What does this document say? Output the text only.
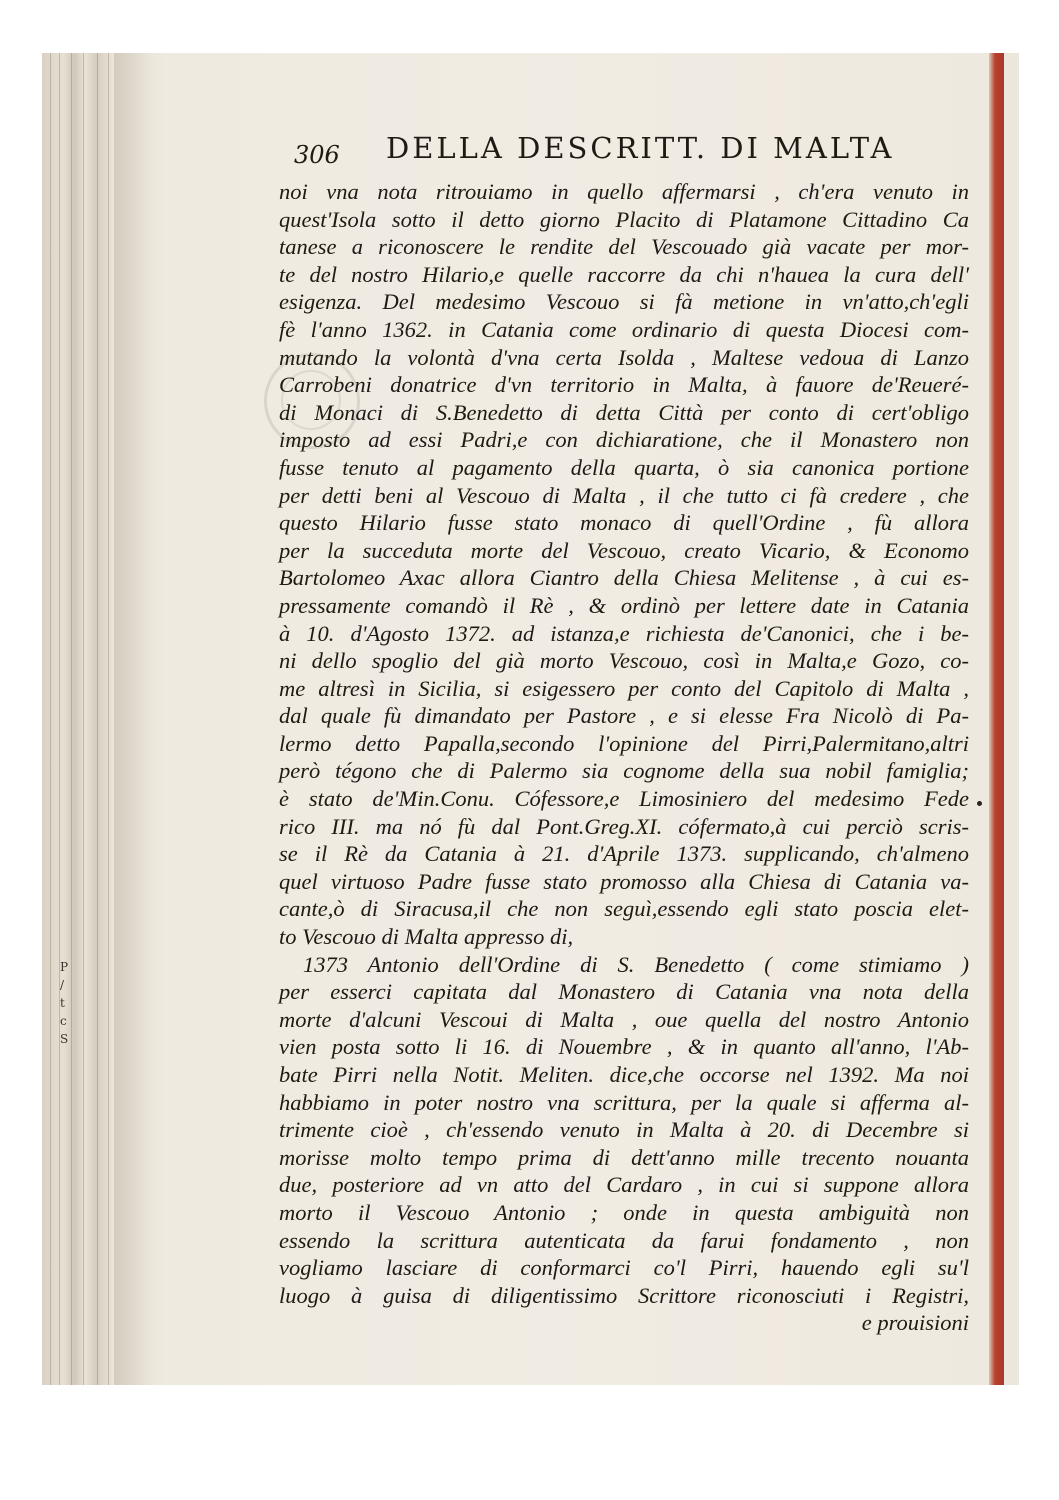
P
/
t
c
S
306 DELLA DESCRITT. DI MALTA
noi vna nota ritrouiamo in quello affermarsi , ch'era venuto in
quest'Isola sotto il detto giorno Placito di Platamone Cittadino Ca
tanese a riconoscere le rendite del Vescouado già vacate per mor-
te del nostro Hilario,e quelle raccorre da chi n'hauea la cura dell'
esigenza. Del medesimo Vescouo si fà metione in vn'atto,ch'egli
fè l'anno 1362. in Catania come ordinario di questa Diocesi com-
mutando la volontà d'vna certa Isolda , Maltese vedoua di Lanzo
Carrobeni donatrice d'vn territorio in Malta, à fauore de'Reueré-
di Monaci di S.Benedetto di detta Città per conto di cert'obligo
imposto ad essi Padri,e con dichiaratione, che il Monastero non
fusse tenuto al pagamento della quarta, ò sia canonica portione
per detti beni al Vescouo di Malta , il che tutto ci fà credere , che
questo Hilario fusse stato monaco di quell'Ordine , fù allora
per la succeduta morte del Vescouo, creato Vicario, & Economo
Bartolomeo Axac allora Ciantro della Chiesa Melitense , à cui es-
pressamente comandò il Rè , & ordinò per lettere date in Catania
à 10. d'Agosto 1372. ad istanza,e richiesta de'Canonici, che i be-
ni dello spoglio del già morto Vescouo, così in Malta,e Gozo, co-
me altresì in Sicilia, si esigessero per conto del Capitolo di Malta ,
dal quale fù dimandato per Pastore , e si elesse Fra Nicolò di Pa-
lermo detto Papalla,secondo l'opinione del Pirri,Palermitano,altri
però tégono che di Palermo sia cognome della sua nobil famiglia;
è stato de'Min.Conu. Cófessore,e Limosiniero del medesimo Fede
rico III. ma nó fù dal Pont.Greg.XI. cófermato,à cui perciò scris-
se il Rè da Catania à 21. d'Aprile 1373. supplicando, ch'almeno
quel virtuoso Padre fusse stato promosso alla Chiesa di Catania va-
cante,ò di Siracusa,il che non seguì,essendo egli stato poscia elet-
to Vescouo di Malta appresso di,
1373 Antonio dell'Ordine di S. Benedetto ( come stimiamo )
per esserci capitata dal Monastero di Catania vna nota della
morte d'alcuni Vescoui di Malta , oue quella del nostro Antonio
vien posta sotto li 16. di Nouembre , & in quanto all'anno, l'Ab-
bate Pirri nella Notit. Meliten. dice,che occorse nel 1392. Ma noi
habbiamo in poter nostro vna scrittura, per la quale si afferma al-
trimente cioè , ch'essendo venuto in Malta à 20. di Decembre si
morisse molto tempo prima di dett'anno mille trecento nouanta
due, posteriore ad vn atto del Cardaro , in cui si suppone allora
morto il Vescouo Antonio ; onde in questa ambiguità non
essendo la scrittura autenticata da farui fondamento , non
vogliamo lasciare di conformarci co'l Pirri, hauendo egli su'l
luogo à guisa di diligentissimo Scrittore riconosciuti i Registri,
e prouisioni
